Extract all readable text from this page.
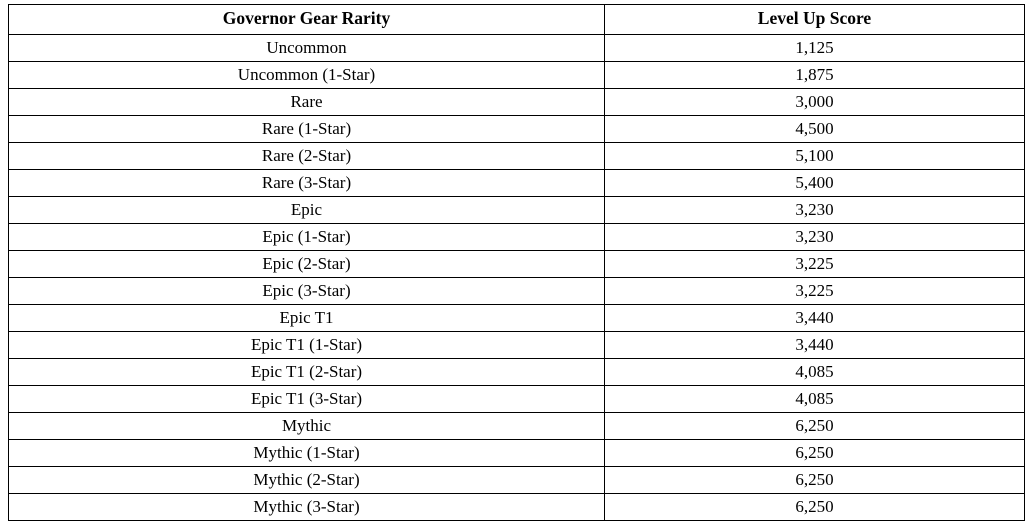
Governor Gear Rarity	Level Up Score
Uncommon	1,125
Uncommon (1-Star)	1,875
Rare	3,000
Rare (1-Star)	4,500
Rare (2-Star)	5,100
Rare (3-Star)	5,400
Epic	3,230
Epic (1-Star)	3,230
Epic (2-Star)	3,225
Epic (3-Star)	3,225
Epic T1	3,440
Epic T1 (1-Star)	3,440
Epic T1 (2-Star)	4,085
Epic T1 (3-Star)	4,085
Mythic	6,250
Mythic (1-Star)	6,250
Mythic (2-Star)	6,250
Mythic (3-Star)	6,250
